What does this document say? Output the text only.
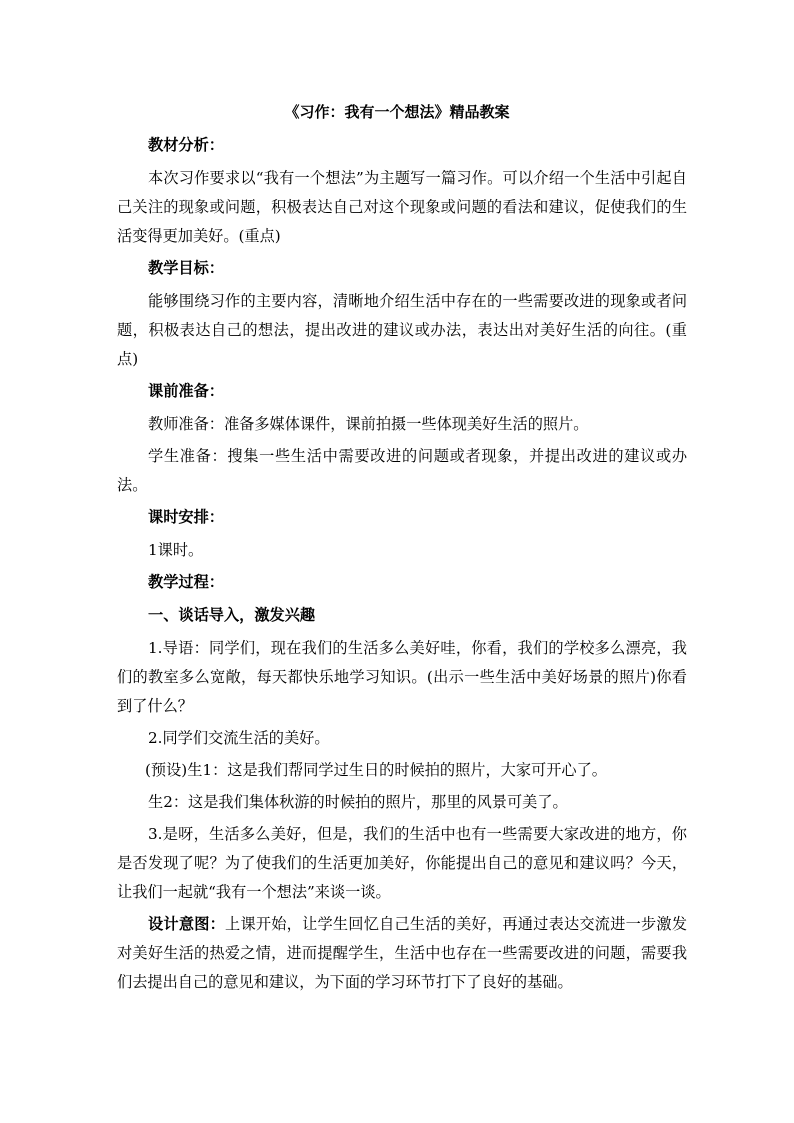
《习作：我有一个想法》精品教案
教材分析：
本次习作要求以“我有一个想法”为主题写一篇习作。可以介绍一个生活中引起自己关注的现象或问题，积极表达自己对这个现象或问题的看法和建议，促使我们的生活变得更加美好。(重点)
教学目标：
能够围绕习作的主要内容，清晰地介绍生活中存在的一些需要改进的现象或者问题，积极表达自己的想法，提出改进的建议或办法，表达出对美好生活的向往。(重点)
课前准备：
教师准备：准备多媒体课件，课前拍摄一些体现美好生活的照片。
学生准备：搜集一些生活中需要改进的问题或者现象，并提出改进的建议或办法。
课时安排：
1课时。
教学过程：
一、谈话导入，激发兴趣
1.导语：同学们，现在我们的生活多么美好哇，你看，我们的学校多么漂亮，我们的教室多么宽敞，每天都快乐地学习知识。(出示一些生活中美好场景的照片)你看到了什么？
2.同学们交流生活的美好。
(预设)生1：这是我们帮同学过生日的时候拍的照片，大家可开心了。
生2：这是我们集体秋游的时候拍的照片，那里的风景可美了。
3.是呀，生活多么美好，但是，我们的生活中也有一些需要大家改进的地方，你是否发现了呢？为了使我们的生活更加美好，你能提出自己的意见和建议吗？今天，让我们一起就“我有一个想法”来谈一谈。
设计意图：上课开始，让学生回忆自己生活的美好，再通过表达交流进一步激发对美好生活的热爱之情，进而提醒学生，生活中也存在一些需要改进的问题，需要我们去提出自己的意见和建议，为下面的学习环节打下了良好的基础。
